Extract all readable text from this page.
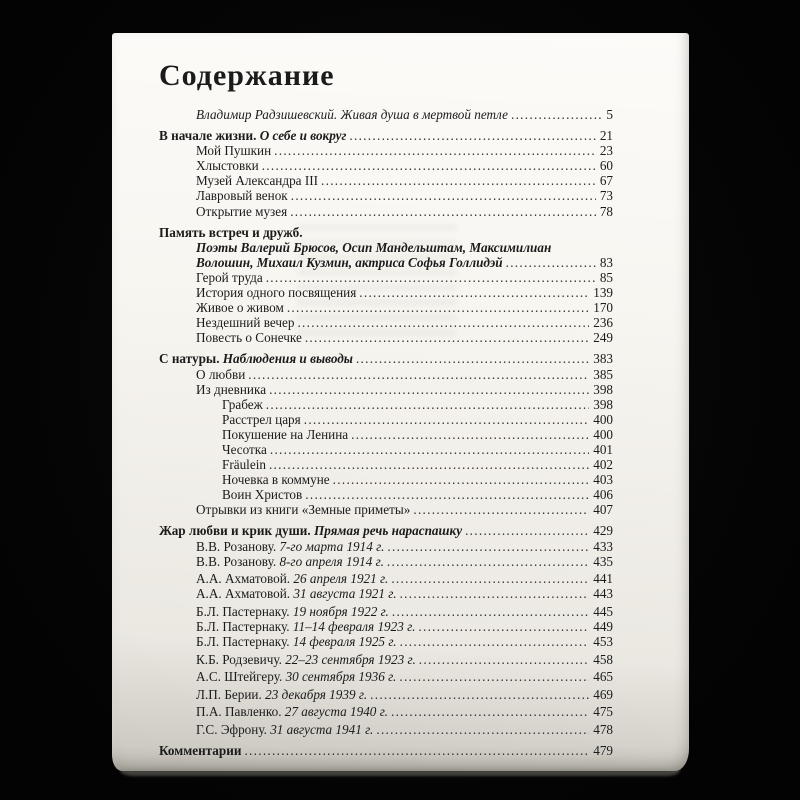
Содержание
Владимир Радзишевский. Живая душа в мертвой петле .....	5
В начале жизни. О себе и вокруг .....	21
Мой Пушкин .....	23
Хлыстовки .....	60
Музей Александра III .....	67
Лавровый венок .....	73
Открытие музея .....	78
Память встреч и дружб.
Поэты Валерий Брюсов, Осип Мандельштам, Максимилиан
Волошин, Михаил Кузмин, актриса Софья Голлидэй .....	83
Герой труда .....	85
История одного посвящения .....	139
Живое о живом .....	170
Нездешний вечер .....	236
Повесть о Сонечке .....	249
С натуры. Наблюдения и выводы .....	383
О любви .....	385
Из дневника .....	398
Грабеж .....	398
Расстрел царя .....	400
Покушение на Ленина .....	400
Чесотка .....	401
Fräulein .....	402
Ночевка в коммуне .....	403
Воин Христов .....	406
Отрывки из книги «Земные приметы» .....	407
Жар любви и крик души. Прямая речь нараспашку .....	429
В.В. Розанову. 7-го марта 1914 г. .....	433
В.В. Розанову. 8-го апреля 1914 г. .....	435
А.А. Ахматовой. 26 апреля 1921 г. .....	441
А.А. Ахматовой. 31 августа 1921 г. .....	443
Б.Л. Пастернаку. 19 ноября 1922 г. .....	445
Б.Л. Пастернаку. 11–14 февраля 1923 г. .....	449
Б.Л. Пастернаку. 14 февраля 1925 г. .....	453
К.Б. Родзевичу. 22–23 сентября 1923 г. .....	458
А.С. Штейгеру. 30 сентября 1936 г. .....	465
Л.П. Берии. 23 декабря 1939 г. .....	469
П.А. Павленко. 27 августа 1940 г. .....	475
Г.С. Эфрону. 31 августа 1941 г. .....	478
Комментарии .....	479
